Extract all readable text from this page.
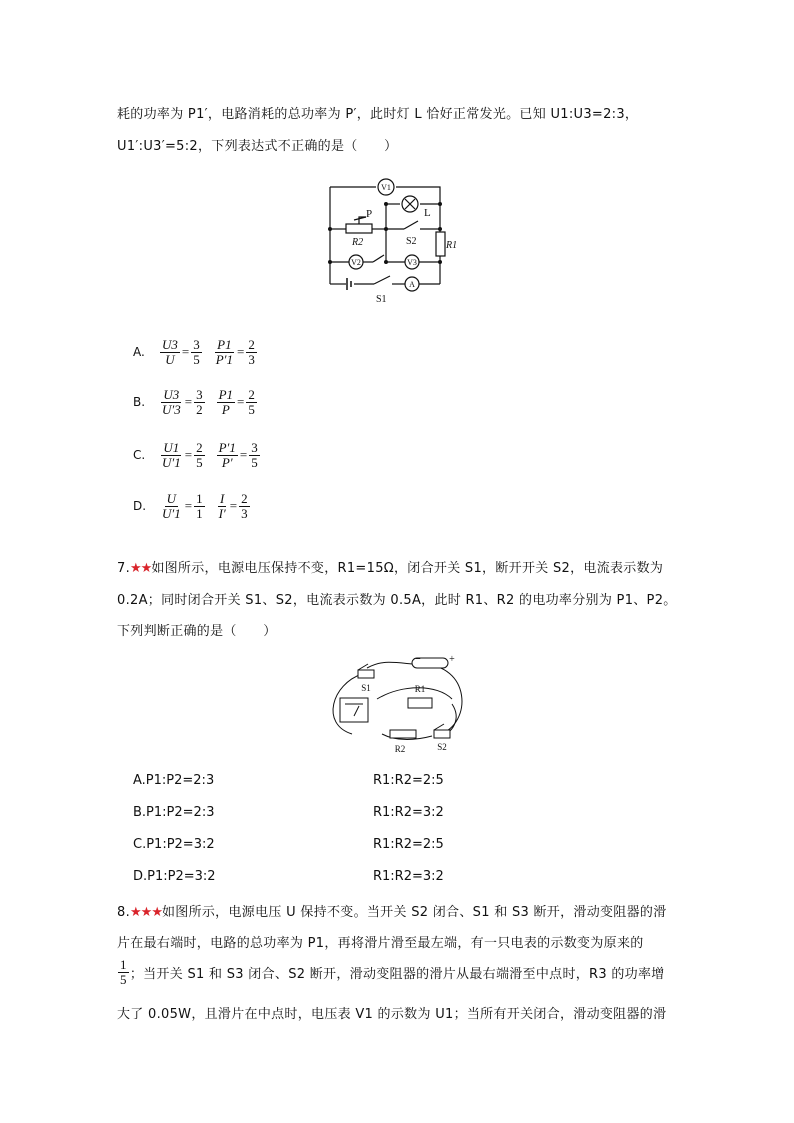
耗的功率为 P1′，电路消耗的总功率为 P′，此时灯 L 恰好正常发光。已知 U1:U3=2:3，
U1′:U3′=5:2，下列表达式不正确的是（　　）
V1
V2	V3
A
P	L
R2	S2	R1
S1
A.	$\frac{U3}{U} = \frac{3}{5} \frac{P1}{P'1} = \frac{2}{3}$
B.	$\frac{U3}{U'3} = \frac{3}{2} \frac{P1}{P} = \frac{2}{5}$
C.	$\frac{U1}{U'1} = \frac{2}{5} \frac{P'1}{P'} = \frac{3}{5}$
D.	$\frac{U}{U'1} = \frac{1}{1} \frac{I}{I'} = \frac{2}{3}$
7.★★如图所示，电源电压保持不变，R1=15Ω，闭合开关 S1，断开开关 S2，电流表示数为
0.2A；同时闭合开关 S1、S2，电流表示数为 0.5A，此时 R1、R2 的电功率分别为 P1、P2。
下列判断正确的是（　　）
S1	R1
R2	S2
−	+
A.P1:P2=2:3	R1:R2=2:5
B.P1:P2=2:3	R1:R2=3:2
C.P1:P2=3:2	R1:R2=2:5
D.P1:P2=3:2	R1:R2=3:2
8.★★★如图所示，电源电压 U 保持不变。当开关 S2 闭合、S1 和 S3 断开，滑动变阻器的滑
片在最右端时，电路的总功率为 P1，再将滑片滑至最左端，有一只电表的示数变为原来的
$\frac{1}{5}$ ；当开关 S1 和 S3 闭合、S2 断开，滑动变阻器的滑片从最右端滑至中点时，R3 的功率增
大了 0.05W，且滑片在中点时，电压表 V1 的示数为 U1；当所有开关闭合，滑动变阻器的滑
